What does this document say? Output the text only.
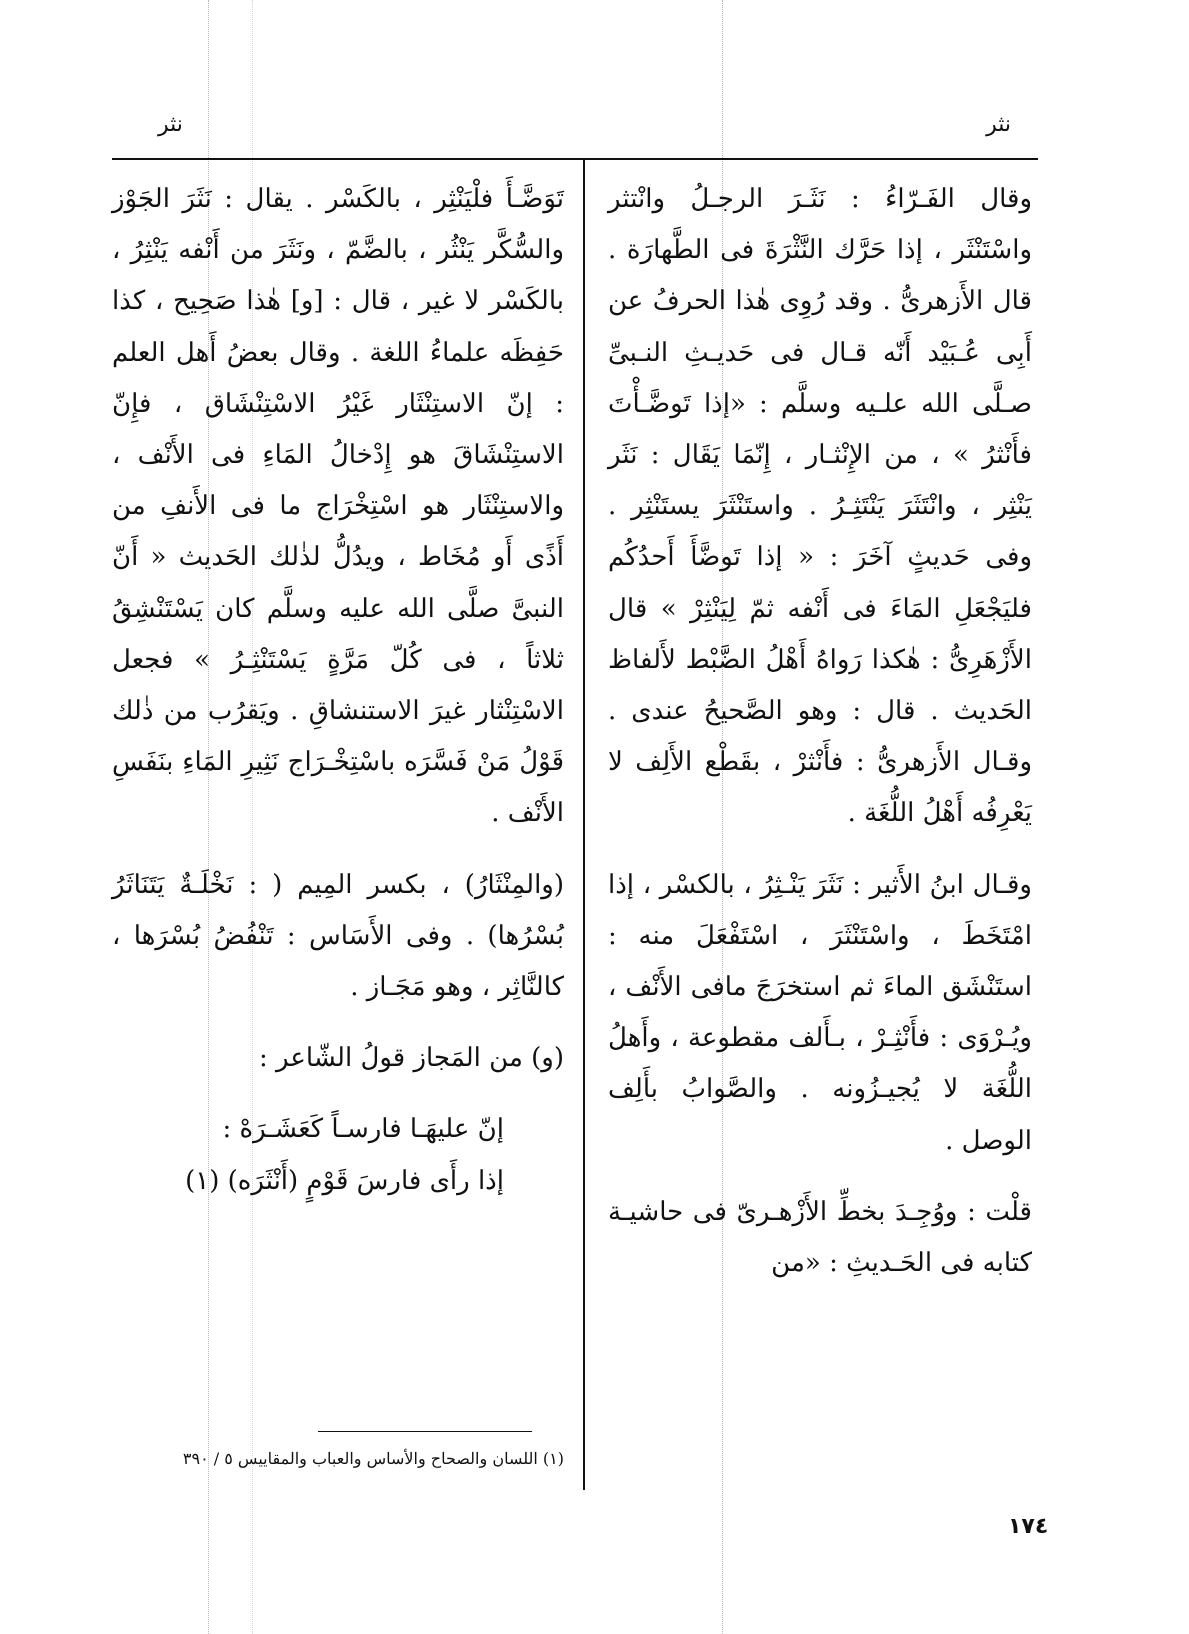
نثر
نثر

وقال الفَـرّاءُ : نَثَـرَ الرجـلُ وانْتثر واسْتَنْثَر ، إذا حَرَّك النَّثْرَةَ فى الطَّهارَة . قال الأَزهرىُّ . وقد رُوِى هٰذا الحرفُ عن أَبِى عُـبَيْد أَنّه قـال فى حَديـثِ النـبىِّ صـلَّى الله علـيه وسلَّم : «إذا تَوضَّـأْتَ فأَنْثرُ » ، من الإِنْثـار ، إِنّمَا يَقَال : نَثَر يَنْثِر ، وانْتَثَرَ يَنْتَثِـرُ . واستَنْثَرَ يستَنْثِر . وفى حَديثٍ آخَرَ : « إذا تَوضَّأَ أَحدُكُم فليَجْعَلِ المَاءَ فى أَنْفه ثمّ لِيَنْثِرْ » قال الأَزْهَرِىُّ : هٰكذا رَواهُ أَهْلُ الضَّبْط لأَلفاظ الحَديث . قال : وهو الصَّحيحُ عندى . وقـال الأَزهرىُّ : فأَنْثرْ ، بقَطْع الأَلِف لا يَعْرِفُه أَهْلُ اللُّغَة .

وقـال ابنُ الأَثير : نَثَرَ يَنْـثِرُ ، بالكسْر ، إذا امْتَخَطَ ، واسْتَنْثَرَ ، اسْتَفْعَلَ منه : استَنْشَق الماءَ ثم استخرَجَ مافى الأَنْف ، ويُـرْوَى : فأَنْثِـرْ ، بـأَلف مقطوعة ، وأَهلُ اللُّغَة لا يُجيـزُونه . والصَّوابُ بأَلِف الوصل .

قلْت : ووُجِـدَ بخطِّ الأَزْهـرىّ فى حاشيـة كتابه فى الحَـديثِ : «من

تَوَضَّـأَ فلْيَنْثِر ، بالكَسْر . يقال : نَثَرَ الجَوْز والسُّكَّر يَنْثُر ، بالضَّمّ ، ونَثَرَ من أَنْفه يَنْثِرُ ، بالكَسْر لا غير ، قال : [و] هٰذا صَحِيح ، كذا حَفِظَه علماءُ اللغة . وقال بعضُ أَهل العلم : إنّ الاستِنْثَار غَيْرُ الاسْتِنْشَاق ، فإِنّ الاستِنْشَاقَ هو إِدْخالُ المَاءِ فى الأَنْف ، والاستِنْثَار هو اسْتِخْرَاج ما فى الأَنفِ من أَذًى أَو مُخَاط ، ويدُلُّ لذٰلك الحَديث « أَنّ النبىَّ صلَّى الله عليه وسلَّم كان يَسْتَنْشِقُ ثلاثاً ، فى كُلّ مَرَّةٍ يَسْتَنْثِـرُ » فجعل الاسْتِنْثار غيرَ الاستنشاقِ . ويَقرُب من ذٰلك قَوْلُ مَنْ فَسَّرَه باسْتِخْـرَاج نَثِيرِ المَاءِ بنَفَسِ الأَنْف .

(والمِنْثَارُ) ، بكسر المِيم ( : نَخْلَـةٌ يَتَنَاثَرُ بُسْرُها) . وفى الأَسَاس : تَنْفُضُ بُسْرَها ، كالنَّاثِر ، وهو مَجَـاز .

(و) من المَجاز قولُ الشّاعر :

إنّ عليهَـا فارسـاً كَعَشَـرَهْ :

إذا رأَى فارسَ قَوْمٍ (أَنْثَرَه) (١)

(١) اللسان والصحاح والأساس والعباب والمقاييس ٥ / ٣٩٠
١٧٤
